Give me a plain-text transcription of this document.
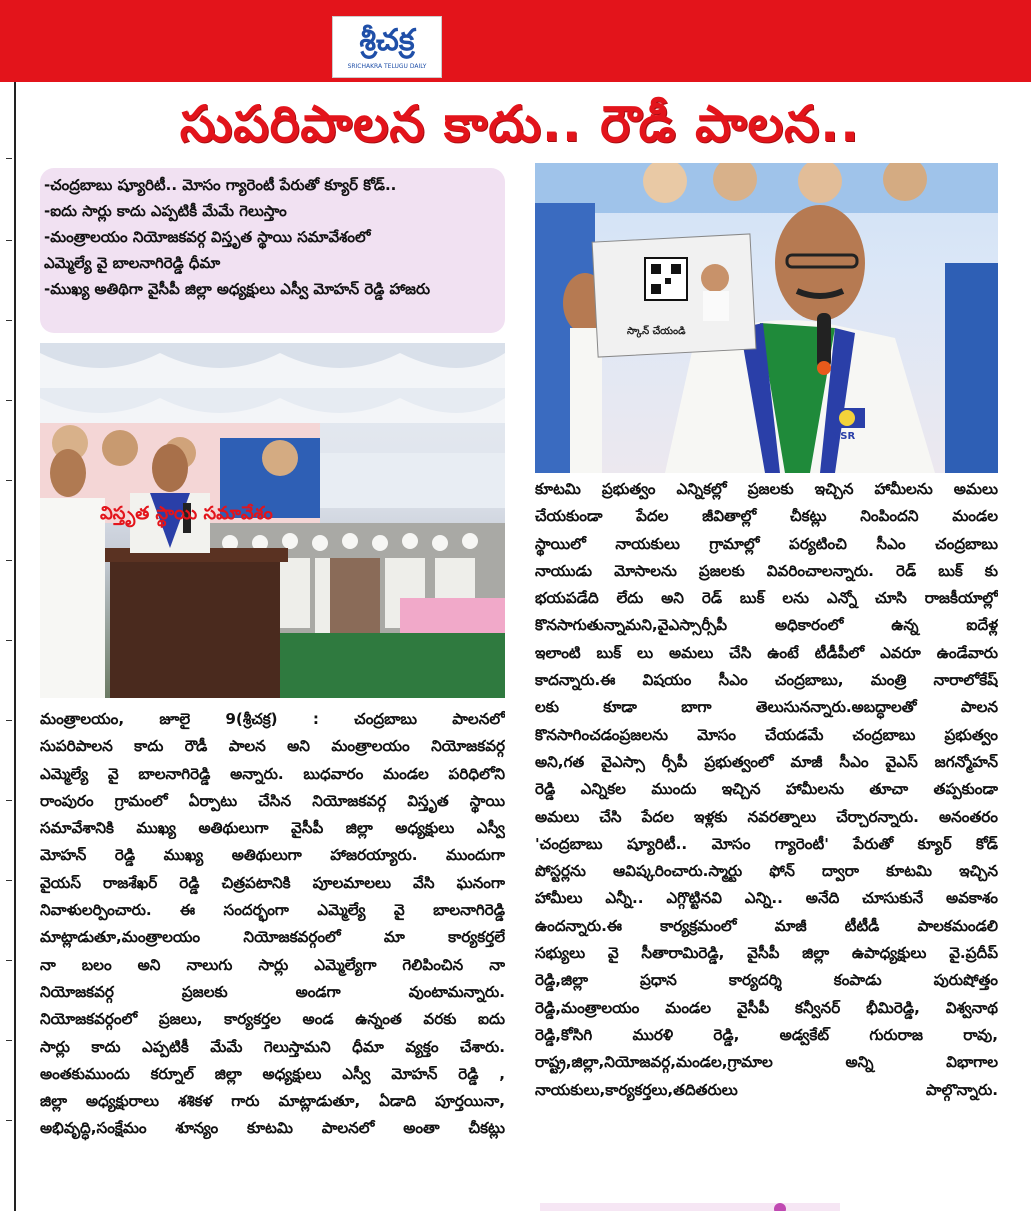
శ్రీచక్ర
SRICHAKRA TELUGU DAILY
సుపరిపాలన కాదు.. రౌడీ పాలన..

-చంద్రబాబు ష్యూరిటీ.. మోసం గ్యారెంటీ పేరుతో క్యూర్ కోడ్..

-ఐదు సార్లు కాదు ఎప్పటికీ మేమే గెలుస్తాం

-మంత్రాలయం నియోజకవర్గ విస్తృత స్థాయి సమావేశంలో

ఎమ్మెల్యే వై బాలనాగిరెడ్డి ధీమా

-ముఖ్య అతిథిగా వైసీపీ జిల్లా అధ్యక్షులు ఎస్వీ మోహన్ రెడ్డి హాజరు

స్కాన్ చేయండి
YSR
విస్తృత స్థాయి సమావేశం
మంత్రాలయం, జూలై 9(శ్రీచక్ర) : చంద్రబాబు పాలనలో
సుపరిపాలన కాదు రౌడీ పాలన అని మంత్రాలయం నియోజకవర్గ
ఎమ్మెల్యే వై బాలనాగిరెడ్డి అన్నారు. బుధవారం మండల పరిధిలోని
రాంపురం గ్రామంలో ఏర్పాటు చేసిన నియోజకవర్గ విస్తృత స్థాయి
సమావేశానికి ముఖ్య అతిథులుగా వైసీపీ జిల్లా అధ్యక్షులు ఎస్వీ
మోహన్ రెడ్డి ముఖ్య అతిథులుగా హాజరయ్యారు. ముందుగా
వైయస్ రాజశేఖర్ రెడ్డి చిత్రపటానికి పూలమాలలు వేసి ఘనంగా
నివాళులర్పించారు. ఈ సందర్భంగా ఎమ్మెల్యే వై బాలనాగిరెడ్డి
మాట్లాడుతూ,మంత్రాలయం నియోజకవర్గంలో మా కార్యకర్తలే
నా బలం అని నాలుగు సార్లు ఎమ్మెల్యేగా గెలిపించిన నా
నియోజకవర్గ ప్రజలకు అండగా వుంటామన్నారు.
నియోజకవర్గంలో ప్రజలు, కార్యకర్తల అండ ఉన్నంత వరకు ఐదు
సార్లు కాదు ఎప్పటికీ మేమే గెలుస్తామని ధీమా వ్యక్తం చేశారు.
అంతకుముందు కర్నూల్ జిల్లా అధ్యక్షులు ఎస్వీ మోహన్ రెడ్డి ,
జిల్లా అధ్యక్షురాలు శశికళ గారు మాట్లాడుతూ, ఏడాది పూర్తయినా,
అభివృద్ధి,సంక్షేమం శూన్యం కూటమి పాలనలో అంతా చీకట్లు
కూటమి ప్రభుత్వం ఎన్నికల్లో ప్రజలకు ఇచ్చిన హామీలను అమలు
చేయకుండా పేదల జీవితాల్లో చీకట్లు నింపిందని మండల
స్థాయిలో నాయకులు గ్రామాల్లో పర్యటించి సీఎం చంద్రబాబు
నాయుడు మోసాలను ప్రజలకు వివరించాలన్నారు. రెడ్ బుక్ కు
భయపడేది లేదు అని రెడ్ బుక్ లను ఎన్నో చూసి రాజకీయాల్లో
కొనసాగుతున్నామని,వైఎస్సార్సీపీ అధికారంలో ఉన్న ఐదేళ్ల
ఇలాంటి బుక్ లు అమలు చేసి ఉంటే టీడీపీలో ఎవరూ ఉండేవారు
కాదన్నారు.ఈ విషయం సీఎం చంద్రబాబు, మంత్రి నారాలోకేష్
లకు కూడా బాగా తెలుసునన్నారు.అబద్ధాలతో పాలన
కొనసాగించడంప్రజలను మోసం చేయడమే చంద్రబాబు ప్రభుత్వం
అని,గత వైఎస్సా ర్సీపీ ప్రభుత్వంలో మాజీ సీఎం వైఎస్ జగన్మోహన్
రెడ్డి ఎన్నికల ముందు ఇచ్చిన హామీలను తూచా తప్పకుండా
అమలు చేసి పేదల ఇళ్లకు నవరత్నాలు చేర్చారన్నారు. అనంతరం
'చంద్రబాబు ష్యూరిటీ.. మోసం గ్యారెంటీ' పేరుతో క్యూర్ కోడ్
పోస్టర్లను ఆవిష్కరించారు.స్మార్టు ఫోన్ ద్వారా కూటమి ఇచ్చిన
హామీలు ఎన్నీ.. ఎగ్గొట్టినవి ఎన్ని.. అనేది చూసుకునే అవకాశం
ఉందన్నారు.ఈ కార్యక్రమంలో మాజీ టీటీడీ పాలకమండలి
సభ్యులు వై సీతారామిరెడ్డి, వైసీపీ జిల్లా ఉపాధ్యక్షులు వై.ప్రదీప్
రెడ్డి,జిల్లా ప్రధాన కార్యదర్శి కంపాడు పురుషోత్తం
రెడ్డి,మంత్రాలయం మండల వైసీపీ కన్వీనర్ భీమిరెడ్డి, విశ్వనాథ
రెడ్డి,కోసిగి మురళి రెడ్డి, అడ్వకేట్ గురురాజ రావు,
రాష్ట్ర,జిల్లా,నియోజవర్గ,మండల,గ్రామాల అన్ని విభాగాల
నాయకులు,కార్యకర్తలు,తదితరులు పాల్గొన్నారు.
